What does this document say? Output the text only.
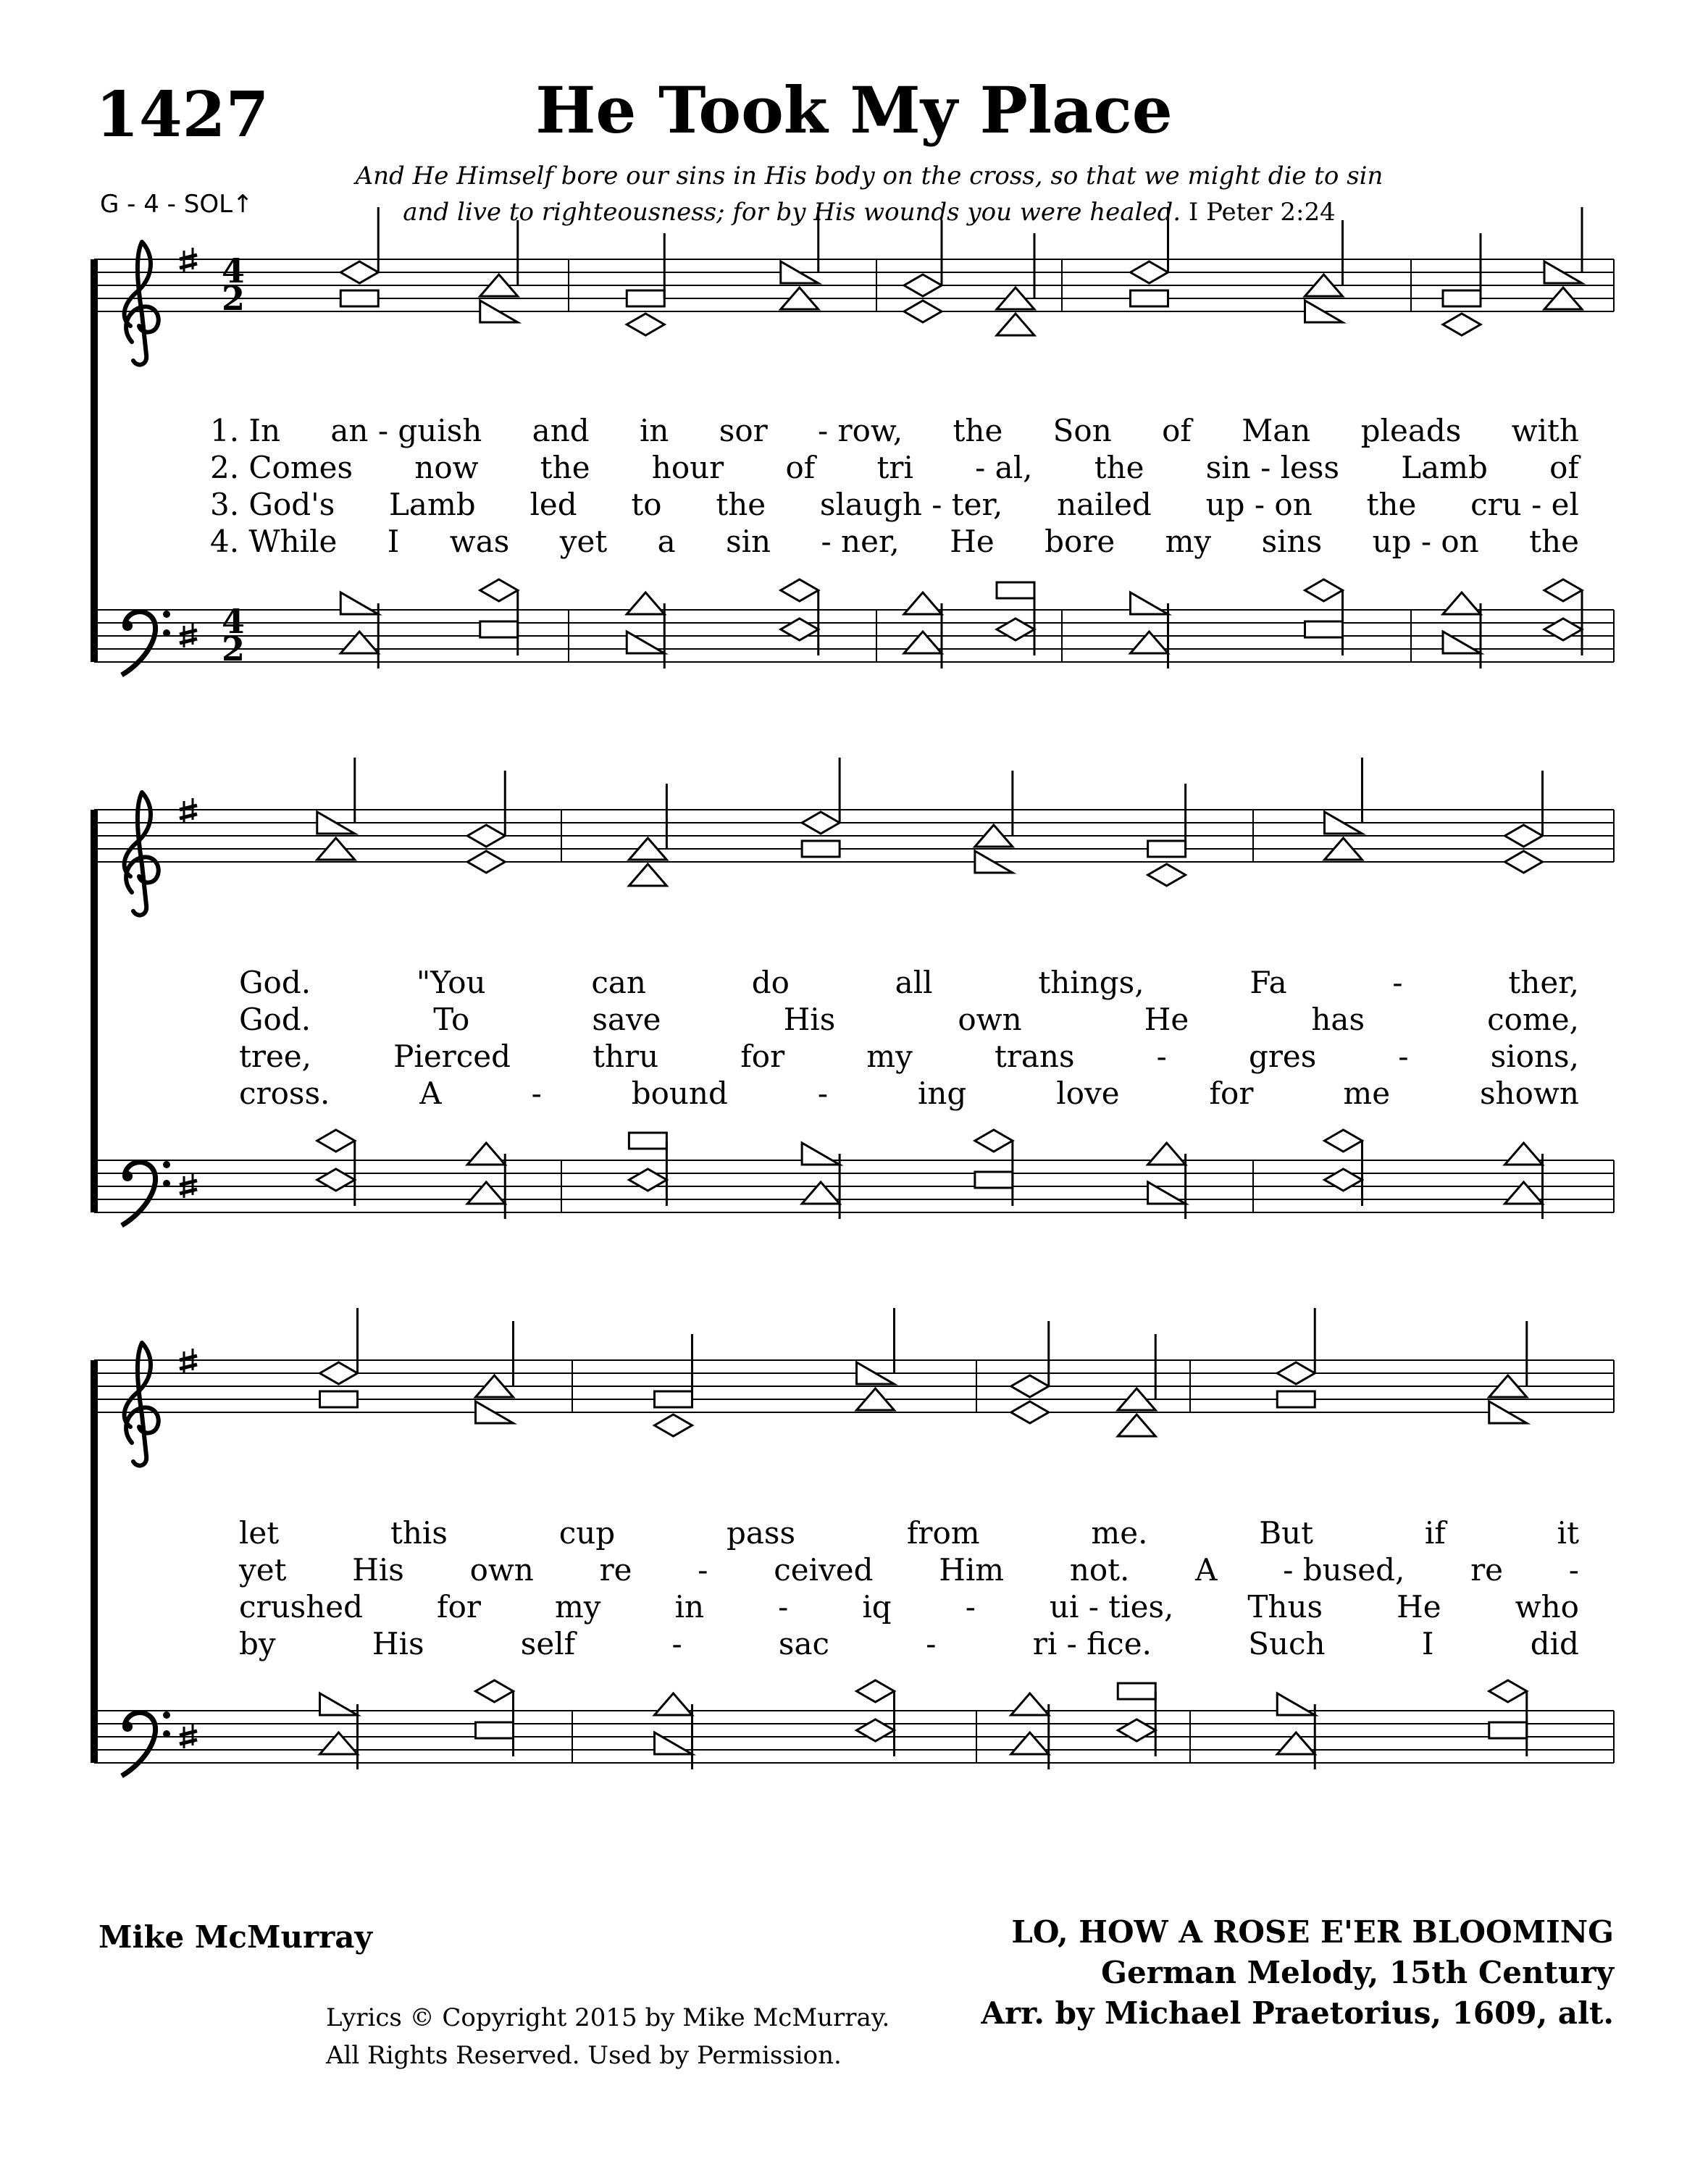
1427	He Took My Place
G - 4 - SOL↑
And He Himself bore our sins in His body on the cross, so that we might die to sin
and live to righteousness; for by His wounds you were healed. I Peter 2:24
4
2
4
2
1. In an - guish and in sor - row, the Son of Man pleads with
2. Comes now the hour of tri - al, the sin - less Lamb of
3. God's Lamb led to the slaugh - ter, nailed up - on the cru - el
4. While I was yet a sin - ner, He bore my sins up - on the
God.	"You	can	do	all	things,	Fa	-	ther,
God.	To	save	His	own	He	has	come,
tree,	Pierced	thru	for	my	trans	-	gres	-	sions,
cross.	A	-	bound	-	ing	love	for	me	shown
let	this	cup	pass	from	me.	But	if	it
yet His own re - ceived Him not. A - bused, re -
crushed for my in - iq - ui - ties, Thus He who
by	His	self	-	sac	-	ri - fice.	Such	I	did
Mike McMurray
Lyrics © Copyright 2015 by Mike McMurray.
All Rights Reserved. Used by Permission.
LO, HOW A ROSE E'ER BLOOMING
German Melody, 15th Century
Arr. by Michael Praetorius, 1609, alt.
